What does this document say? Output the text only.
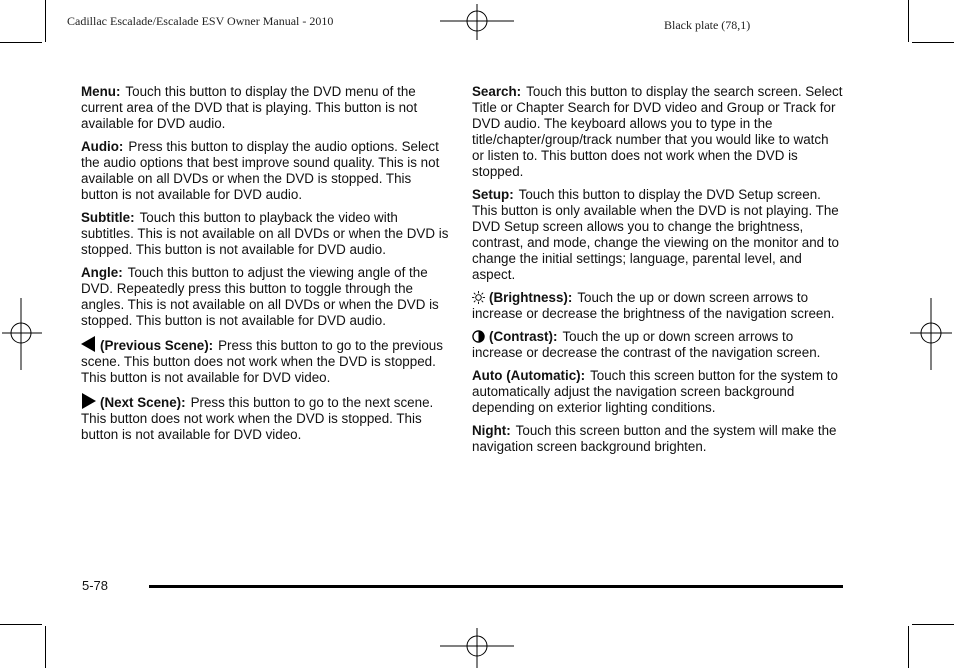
Cadillac Escalade/Escalade ESV Owner Manual - 2010	Black plate (78,1)

Menu: Touch this button to display the DVD menu of the current area of the DVD that is playing. This button is not available for DVD audio.

Audio: Press this button to display the audio options. Select the audio options that best improve sound quality. This is not available on all DVDs or when the DVD is stopped. This button is not available for DVD audio.

Subtitle: Touch this button to playback the video with subtitles. This is not available on all DVDs or when the DVD is stopped. This button is not available for DVD audio.

Angle: Touch this button to adjust the viewing angle of the DVD. Repeatedly press this button to toggle through the angles. This is not available on all DVDs or when the DVD is stopped. This button is not available for DVD audio.

(Previous Scene): Press this button to go to the previous scene. This button does not work when the DVD is stopped. This button is not available for DVD video.

(Next Scene): Press this button to go to the next scene. This button does not work when the DVD is stopped. This button is not available for DVD video.

Search: Touch this button to display the search screen. Select Title or Chapter Search for DVD video and Group or Track for DVD audio. The keyboard allows you to type in the title/chapter/group/track number that you would like to watch or listen to. This button does not work when the DVD is stopped.

Setup: Touch this button to display the DVD Setup screen. This button is only available when the DVD is not playing. The DVD Setup screen allows you to change the brightness, contrast, and mode, change the viewing on the monitor and to change the initial settings; language, parental level, and aspect.

(Brightness): Touch the up or down screen arrows to increase or decrease the brightness of the navigation screen.

(Contrast): Touch the up or down screen arrows to increase or decrease the contrast of the navigation screen.

Auto (Automatic): Touch this screen button for the system to automatically adjust the navigation screen background depending on exterior lighting conditions.

Night: Touch this screen button and the system will make the navigation screen background brighten.

5-78
